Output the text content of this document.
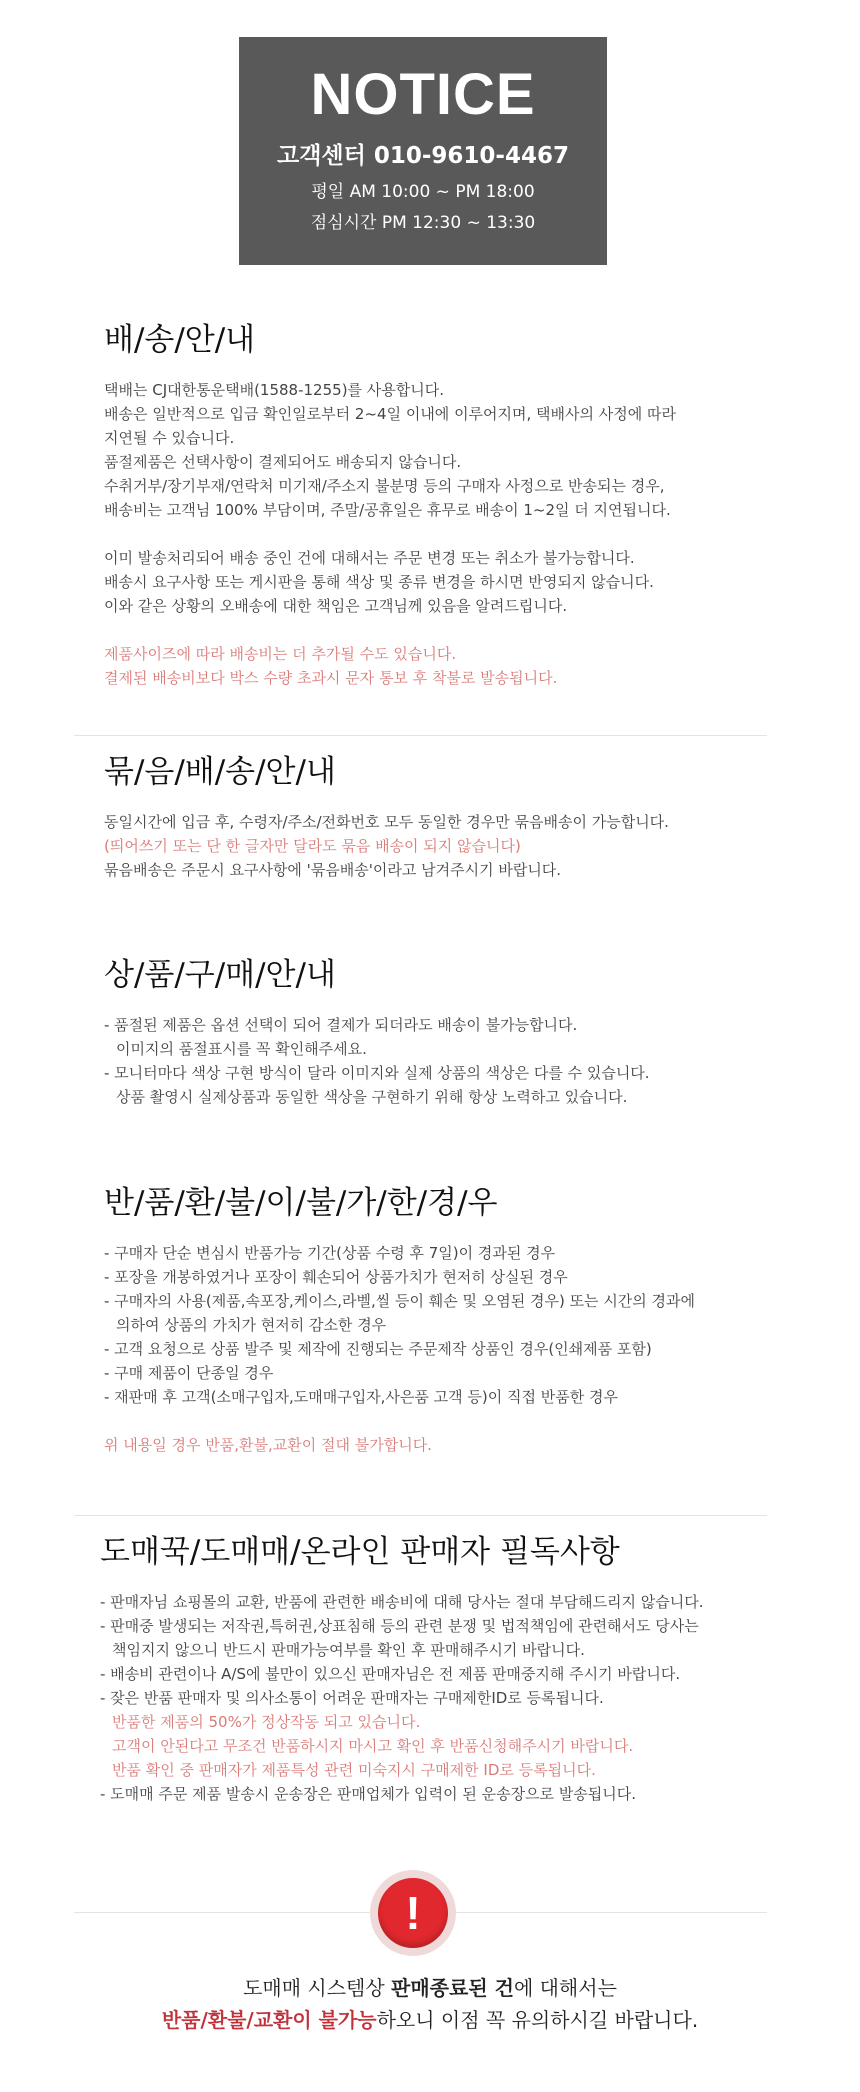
NOTICE
고객센터 010-9610-4467
평일 AM 10:00 ~ PM 18:00
점심시간 PM 12:30 ~ 13:30
배/송/안/내
택배는 CJ대한통운택배(1588-1255)를 사용합니다.
배송은 일반적으로 입금 확인일로부터 2~4일 이내에 이루어지며, 택배사의 사정에 따라
지연될 수 있습니다.
품절제품은 선택사항이 결제되어도 배송되지 않습니다.
수취거부/장기부재/연락처 미기재/주소지 불분명 등의 구매자 사정으로 반송되는 경우,
배송비는 고객님 100% 부담이며, 주말/공휴일은 휴무로 배송이 1~2일 더 지연됩니다.
이미 발송처리되어 배송 중인 건에 대해서는 주문 변경 또는 취소가 불가능합니다.
배송시 요구사항 또는 게시판을 통해 색상 및 종류 변경을 하시면 반영되지 않습니다.
이와 같은 상황의 오배송에 대한 책임은 고객님께 있음을 알려드립니다.
제품사이즈에 따라 배송비는 더 추가될 수도 있습니다.
결제된 배송비보다 박스 수량 초과시 문자 통보 후 착불로 발송됩니다.
묶/음/배/송/안/내
동일시간에 입금 후, 수령자/주소/전화번호 모두 동일한 경우만 묶음배송이 가능합니다.
(띄어쓰기 또는 단 한 글자만 달라도 묶음 배송이 되지 않습니다)
묶음배송은 주문시 요구사항에 '묶음배송'이라고 남겨주시기 바랍니다.
상/품/구/매/안/내
- 품절된 제품은 옵션 선택이 되어 결제가 되더라도 배송이 불가능합니다.
이미지의 품절표시를 꼭 확인해주세요.
- 모니터마다 색상 구현 방식이 달라 이미지와 실제 상품의 색상은 다를 수 있습니다.
상품 촬영시 실제상품과 동일한 색상을 구현하기 위해 항상 노력하고 있습니다.
반/품/환/불/이/불/가/한/경/우
- 구매자 단순 변심시 반품가능 기간(상품 수령 후 7일)이 경과된 경우
- 포장을 개봉하였거나 포장이 훼손되어 상품가치가 현저히 상실된 경우
- 구매자의 사용(제품,속포장,케이스,라벨,씰 등이 훼손 및 오염된 경우) 또는 시간의 경과에
의하여 상품의 가치가 현저히 감소한 경우
- 고객 요청으로 상품 발주 및 제작에 진행되는 주문제작 상품인 경우(인쇄제품 포함)
- 구매 제품이 단종일 경우
- 재판매 후 고객(소매구입자,도매매구입자,사은품 고객 등)이 직접 반품한 경우
위 내용일 경우 반품,환불,교환이 절대 불가합니다.
도매꾹/도매매/온라인 판매자 필독사항
- 판매자님 쇼핑몰의 교환, 반품에 관련한 배송비에 대해 당사는 절대 부담해드리지 않습니다.
- 판매중 발생되는 저작권,특허권,상표침해 등의 관련 분쟁 및 법적책임에 관련해서도 당사는
책임지지 않으니 반드시 판매가능여부를 확인 후 판매해주시기 바랍니다.
- 배송비 관련이나 A/S에 불만이 있으신 판매자님은 전 제품 판매중지해 주시기 바랍니다.
- 잦은 반품 판매자 및 의사소통이 어려운 판매자는 구매제한ID로 등록됩니다.
반품한 제품의 50%가 정상작동 되고 있습니다.
고객이 안된다고 무조건 반품하시지 마시고 확인 후 반품신청해주시기 바랍니다.
반품 확인 중 판매자가 제품특성 관련 미숙지시 구매제한 ID로 등록됩니다.
- 도매매 주문 제품 발송시 운송장은 판매업체가 입력이 된 운송장으로 발송됩니다.
!
도매매 시스템상 판매종료된 건에 대해서는
반품/환불/교환이 불가능하오니 이점 꼭 유의하시길 바랍니다.
